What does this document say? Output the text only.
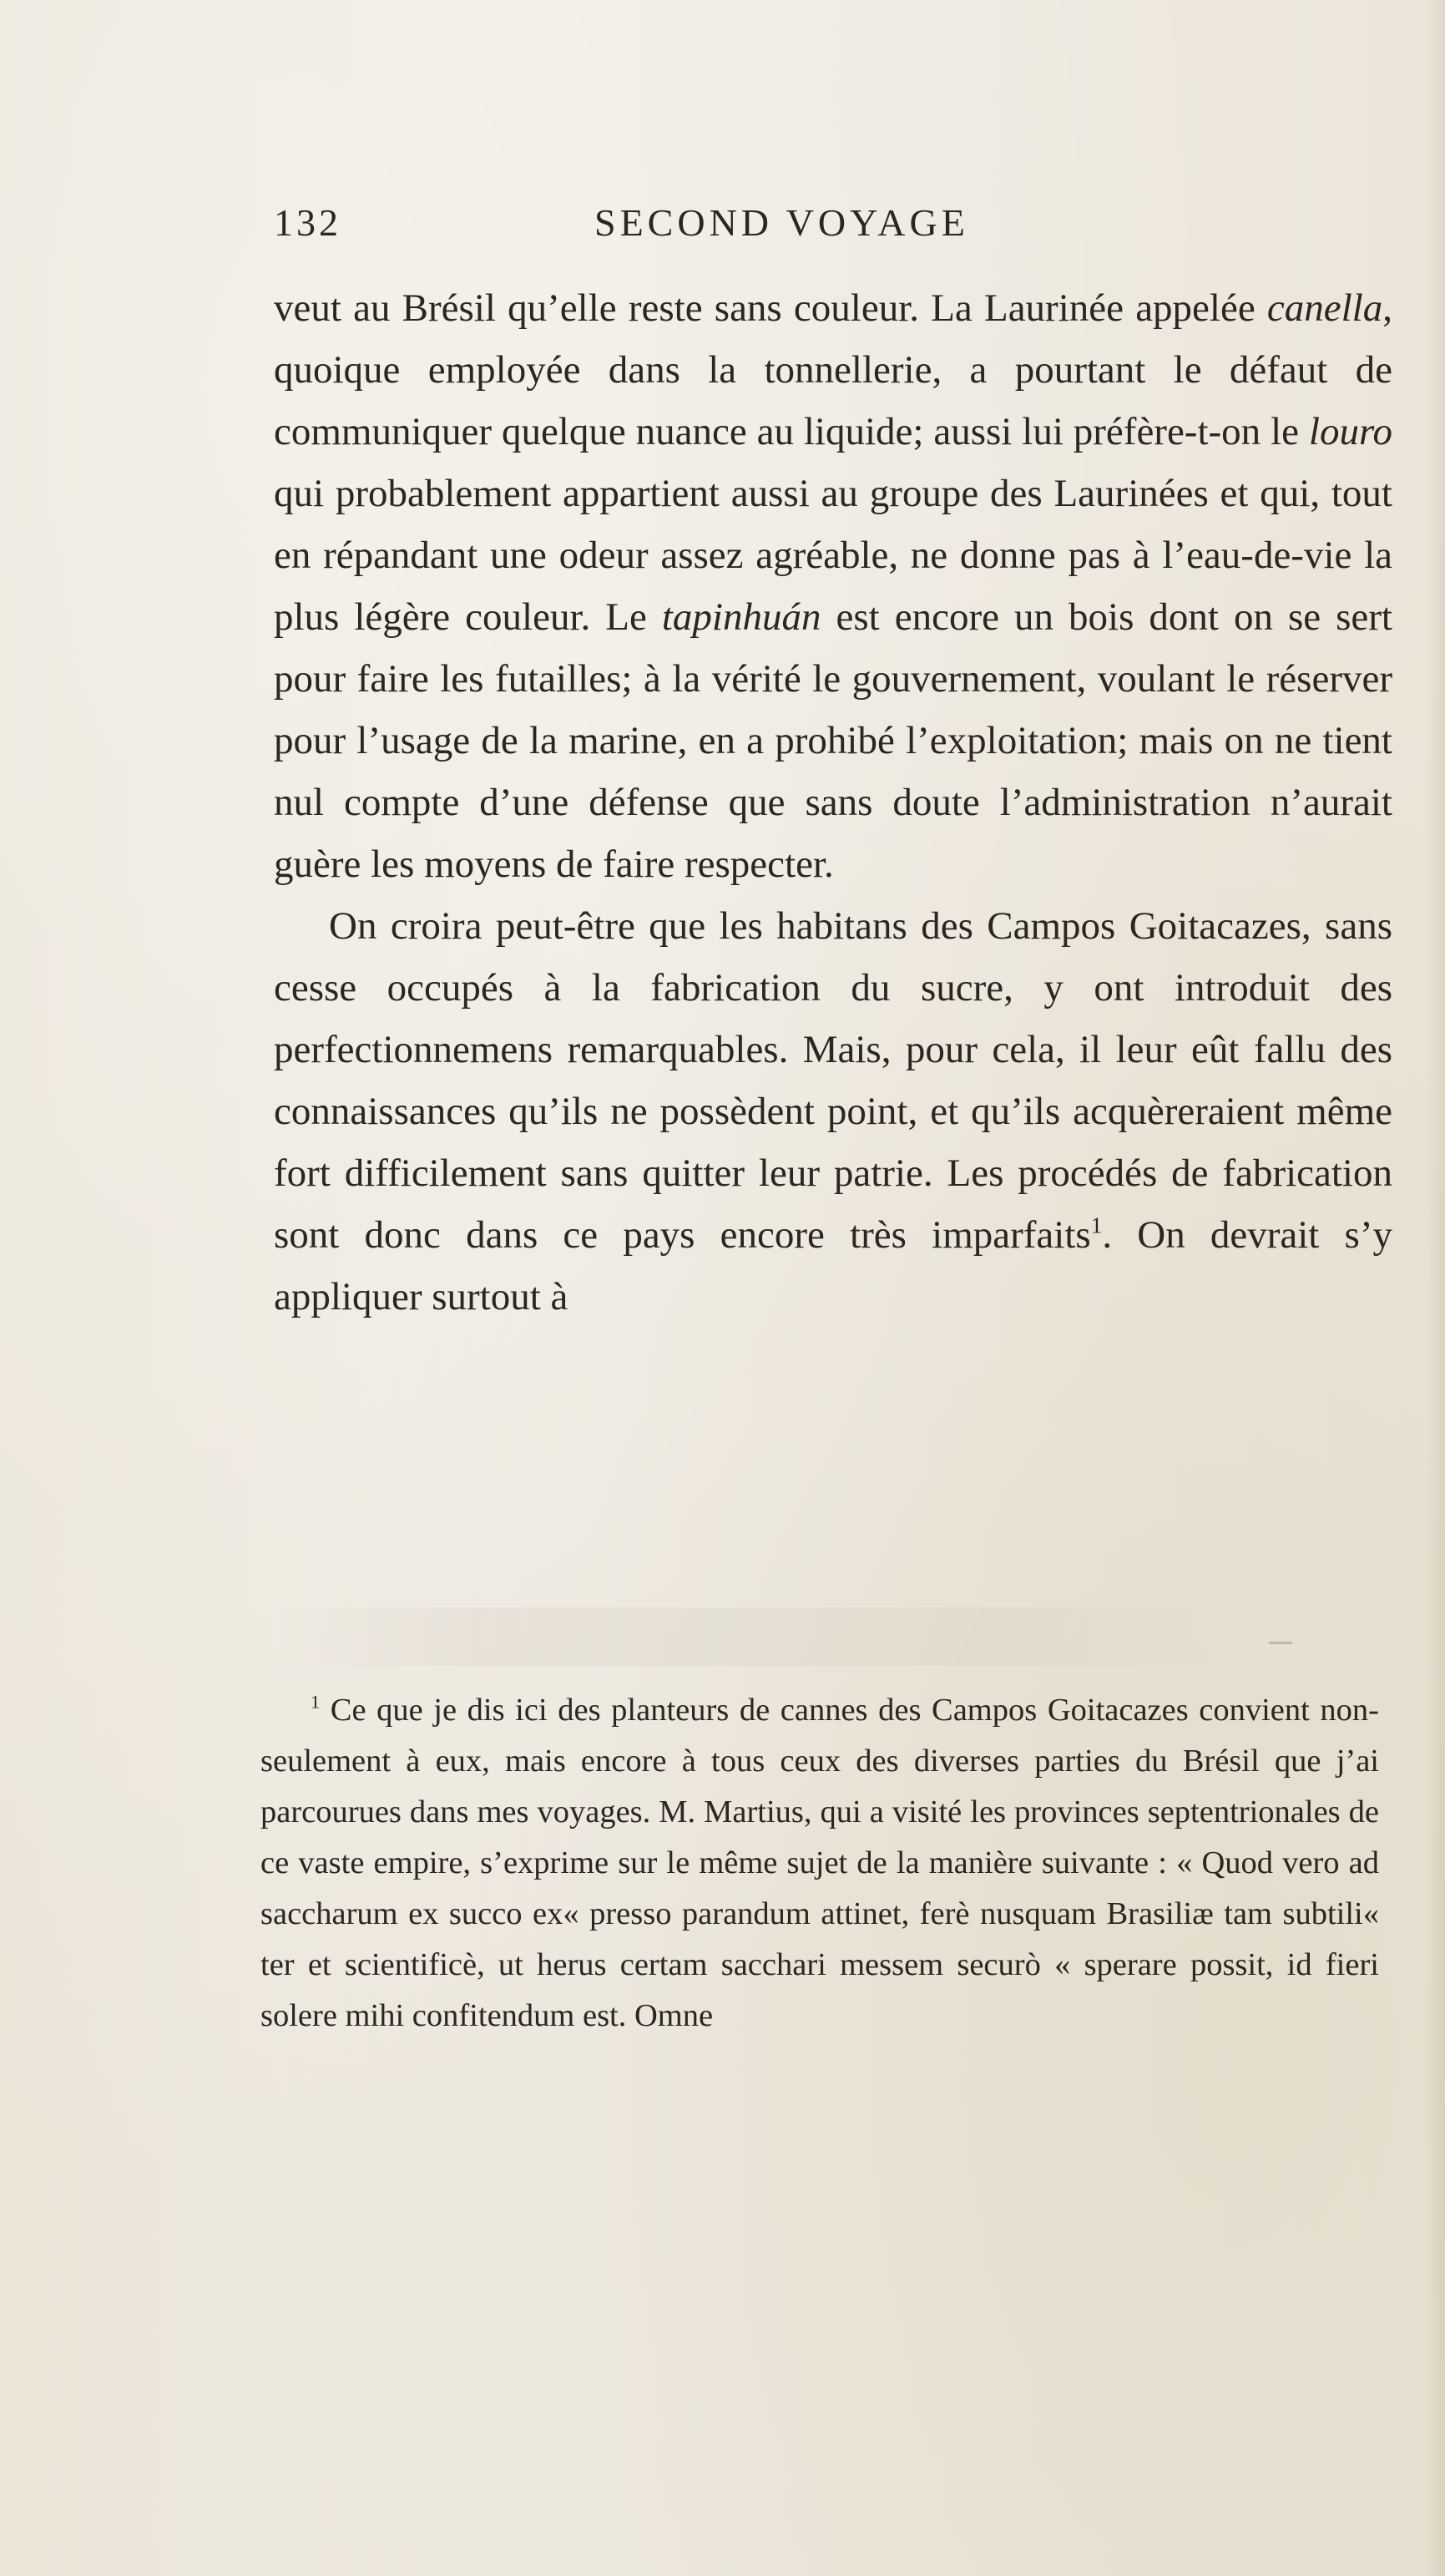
132	SECOND VOYAGE

veut au Brésil qu’elle reste sans couleur. La Laurinée appelée canella, quoique employée dans la tonnellerie, a pourtant le défaut de communiquer quelque nuance au liquide; aussi lui préfère-t-on le louro qui probablement appartient aussi au groupe des Laurinées et qui, tout en répandant une odeur assez agréable, ne donne pas à l’eau-de-vie la plus légère couleur. Le tapinhuán est encore un bois dont on se sert pour faire les futailles; à la vérité le gouvernement, voulant le réserver pour l’usage de la marine, en a prohibé l’exploitation; mais on ne tient nul compte d’une défense que sans doute l’administration n’aurait guère les moyens de faire respecter.

On croira peut-être que les habitans des Campos Goitacazes, sans cesse occupés à la fabrication du sucre, y ont introduit des perfectionnemens remarquables. Mais, pour cela, il leur eût fallu des connaissances qu’ils ne possèdent point, et qu’ils acquèreraient même fort difficilement sans quitter leur patrie. Les procédés de fabrication sont donc dans ce pays encore très imparfaits$^1$. On devrait s’y appliquer surtout à

$^1$ Ce que je dis ici des planteurs de cannes des Campos Goitacazes convient non-seulement à eux, mais encore à tous ceux des diverses parties du Brésil que j’ai parcourues dans mes voyages. M. Martius, qui a visité les provinces septentrionales de ce vaste empire, s’exprime sur le même sujet de la manière suivante : « Quod vero ad saccharum ex succo ex« presso parandum attinet, ferè nusquam Brasiliæ tam subtili« ter et scientificè, ut herus certam sacchari messem securò « sperare possit, id fieri solere mihi confitendum est. Omne
